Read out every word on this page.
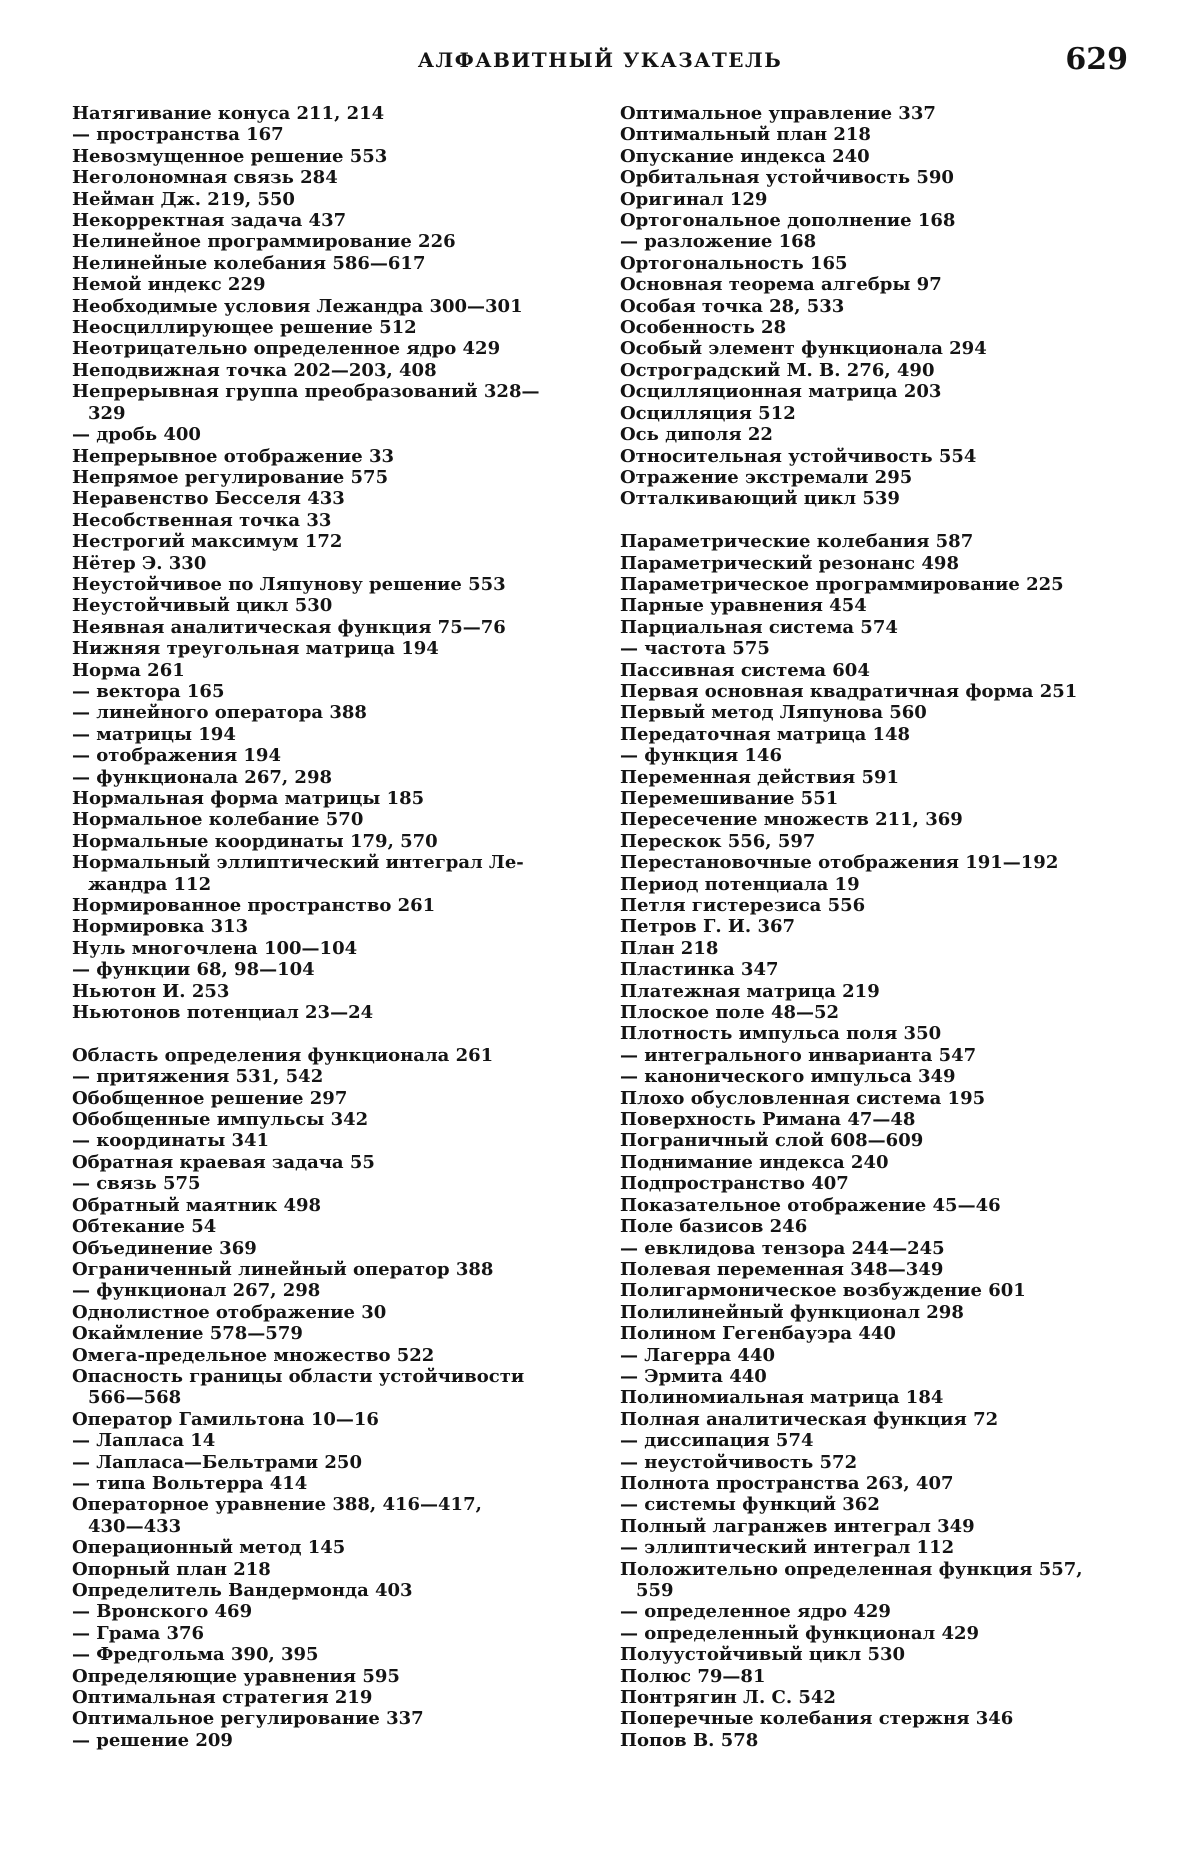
АЛФАВИТНЫЙ УКАЗАТЕЛЬ	629
Натягивание конуса 211, 214
— пространства 167
Невозмущенное решение 553
Неголономная связь 284
Нейман Дж. 219, 550
Некорректная задача 437
Нелинейное программирование 226
Нелинейные колебания 586—617
Немой индекс 229
Необходимые условия Лежандра 300—301
Неосциллирующее решение 512
Неотрицательно определенное ядро 429
Неподвижная точка 202—203, 408
Непрерывная группа преобразований 328—
329
— дробь 400
Непрерывное отображение 33
Непрямое регулирование 575
Неравенство Бесселя 433
Несобственная точка 33
Нестрогий максимум 172
Нётер Э. 330
Неустойчивое по Ляпунову решение 553
Неустойчивый цикл 530
Неявная аналитическая функция 75—76
Нижняя треугольная матрица 194
Норма 261
— вектора 165
— линейного оператора 388
— матрицы 194
— отображения 194
— функционала 267, 298
Нормальная форма матрицы 185
Нормальное колебание 570
Нормальные координаты 179, 570
Нормальный эллиптический интеграл Ле-
жандра 112
Нормированное пространство 261
Нормировка 313
Нуль многочлена 100—104
— функции 68, 98—104
Ньютон И. 253
Ньютонов потенциал 23—24
Область определения функционала 261
— притяжения 531, 542
Обобщенное решение 297
Обобщенные импульсы 342
— координаты 341
Обратная краевая задача 55
— связь 575
Обратный маятник 498
Обтекание 54
Объединение 369
Ограниченный линейный оператор 388
— функционал 267, 298
Однолистное отображение 30
Окаймление 578—579
Омега-предельное множество 522
Опасность границы области устойчивости
566—568
Оператор Гамильтона 10—16
— Лапласа 14
— Лапласа—Бельтрами 250
— типа Вольтерра 414
Операторное уравнение 388, 416—417,
430—433
Операционный метод 145
Опорный план 218
Определитель Вандермонда 403
— Вронского 469
— Грама 376
— Фредгольма 390, 395
Определяющие уравнения 595
Оптимальная стратегия 219
Оптимальное регулирование 337
— решение 209
Оптимальное управление 337
Оптимальный план 218
Опускание индекса 240
Орбитальная устойчивость 590
Оригинал 129
Ортогональное дополнение 168
— разложение 168
Ортогональность 165
Основная теорема алгебры 97
Особая точка 28, 533
Особенность 28
Особый элемент функционала 294
Остроградский М. В. 276, 490
Осцилляционная матрица 203
Осцилляция 512
Ось диполя 22
Относительная устойчивость 554
Отражение экстремали 295
Отталкивающий цикл 539
Параметрические колебания 587
Параметрический резонанс 498
Параметрическое программирование 225
Парные уравнения 454
Парциальная система 574
— частота 575
Пассивная система 604
Первая основная квадратичная форма 251
Первый метод Ляпунова 560
Передаточная матрица 148
— функция 146
Переменная действия 591
Перемешивание 551
Пересечение множеств 211, 369
Перескок 556, 597
Перестановочные отображения 191—192
Период потенциала 19
Петля гистерезиса 556
Петров Г. И. 367
План 218
Пластинка 347
Платежная матрица 219
Плоское поле 48—52
Плотность импульса поля 350
— интегрального инварианта 547
— канонического импульса 349
Плохо обусловленная система 195
Поверхность Римана 47—48
Пограничный слой 608—609
Поднимание индекса 240
Подпространство 407
Показательное отображение 45—46
Поле базисов 246
— евклидова тензора 244—245
Полевая переменная 348—349
Полигармоническое возбуждение 601
Полилинейный функционал 298
Полином Гегенбауэра 440
— Лагерра 440
— Эрмита 440
Полиномиальная матрица 184
Полная аналитическая функция 72
— диссипация 574
— неустойчивость 572
Полнота пространства 263, 407
— системы функций 362
Полный лагранжев интеграл 349
— эллиптический интеграл 112
Положительно определенная функция 557,
559
— определенное ядро 429
— определенный функционал 429
Полуустойчивый цикл 530
Полюс 79—81
Понтрягин Л. С. 542
Поперечные колебания стержня 346
Попов В. 578
